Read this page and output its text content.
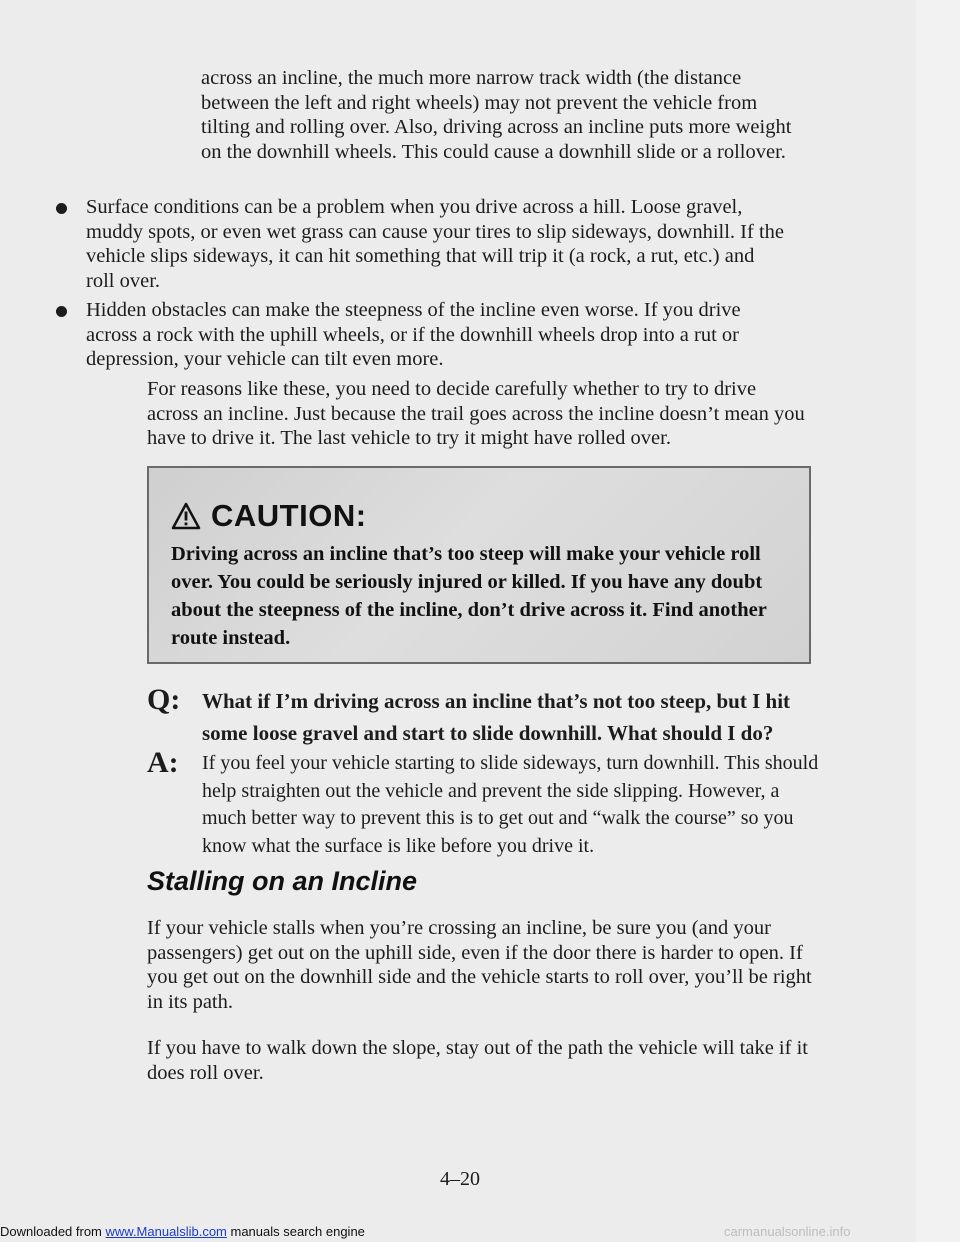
across an incline, the much more narrow track width (the distance between the left and right wheels) may not prevent the vehicle from tilting and rolling over. Also, driving across an incline puts more weight on the downhill wheels. This could cause a downhill slide or a rollover.

Surface conditions can be a problem when you drive across a hill. Loose gravel, muddy spots, or even wet grass can cause your tires to slip sideways, downhill. If the vehicle slips sideways, it can hit something that will trip it (a rock, a rut, etc.) and roll over.
Hidden obstacles can make the steepness of the incline even worse. If you drive across a rock with the uphill wheels, or if the downhill wheels drop into a rut or depression, your vehicle can tilt even more.

For reasons like these, you need to decide carefully whether to try to drive across an incline. Just because the trail goes across the incline doesn’t mean you have to drive it. The last vehicle to try it might have rolled over.

CAUTION:
Driving across an incline that’s too steep will make your vehicle roll over. You could be seriously injured or killed. If you have any doubt about the steepness of the incline, don’t drive across it. Find another route instead.
Q: What if I’m driving across an incline that’s not too steep, but I hit some loose gravel and start to slide downhill. What should I do?
A: If you feel your vehicle starting to slide sideways, turn downhill. This should help straighten out the vehicle and prevent the side slipping. However, a much better way to prevent this is to get out and “walk the course” so you know what the surface is like before you drive it.
Stalling on an Incline

If your vehicle stalls when you’re crossing an incline, be sure you (and your passengers) get out on the uphill side, even if the door there is harder to open. If you get out on the downhill side and the vehicle starts to roll over, you’ll be right in its path.

If you have to walk down the slope, stay out of the path the vehicle will take if it does roll over.

4–20
Downloaded from www.Manualslib.com manuals search engine	carmanualsonline.info
